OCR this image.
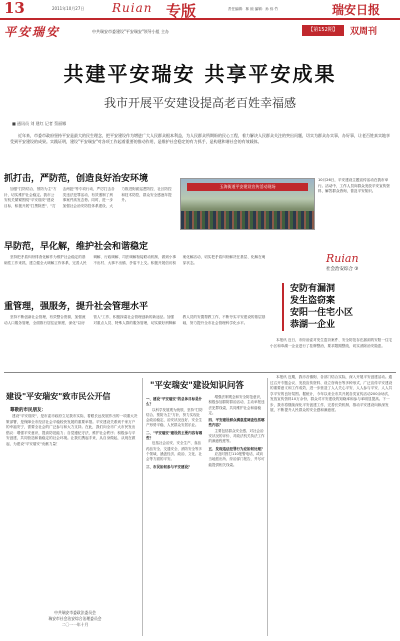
13	2011年10月27日 Ruian 专版	责任编辑：林 琼 编辑：孙 伟 竹	瑞安日报
平安瑞安	中共瑞安市委建设"平安瑞安"领导小组 主办	【第152期】	双周刊
共建平安瑞安 共享平安成果
我市开展平安建设提高老百姓幸福感
■ 通讯员 刘 建红 记者 蔡丽娜
近年来，市委市政府坚持平安是最大的民生理念，把平安建设作为增进广大人民群众根本利益，为人民群众所期盼的民心工程，着力解决人民群众关注的突出问题，切实为群众办实事，办好事，让老百姓真实地享受到平安建设的成果。实践证明，建设"平安瑞安"对各项工作起着重要的推动作用，是维护社会稳定的有力抓手，是构建和谐社会的有效载体。
抓打击，严防范，创造良好治安环境
加强"打防结合，预防为主"方针，切实维护社会稳定。我市公安机关紧紧围绕"平安瑞安"建设目标，积极开展"打黑除恶"、"打击两抢"等专项行动，严厉打击各类违法犯罪活动，有效遏制了刑事案件高发态势。同时，进一步加强社会治安防控体系建设，大力推进街面巡逻防控、社区防控和技术防控，群众安全感逐年提升。
早防范，早化解，维护社会和谐稳定
坚持把矛盾纠纷排查化解作为维护社会稳定的基础性工作来抓，建立健全大调解工作体系，完善人民调解、行政调解、司法调解衔接联动机制，做到小事不出村、大事不出镇、矛盾不上交。积极开展信访积案化解活动，切实把矛盾纠纷解决在基层、化解在萌芽状态。
重管理，强服务，提升社会管理水平
坚持不断创新社会管理，有效整合资源，加强流动人口服务管理，全面推行居住证制度，深化"以房管人"工作，积极探索社会管理创新的新途径。加强对重点人员、特殊人群的服务管理，切实做好刑释解教人员的安置帮教工作，不断夯实平安建设的基层基础，努力提升全市社会管理科学化水平。
玉海街道平安建设宣传活动现场
10月26日，平安建设主题宣传活动在我市举行。活动中，工作人员向群众发放平安宣传资料，解答群众咨询，普及平安知识。
Ruian
社会治安综合 ③
安防有漏洞
发生盗窃案
安阳一住宅小区
恭湖一企业
本报讯 近日，市综治委对发生盗窃案件、安全防范存在漏洞的安阳一住宅小区和恭湖一企业进行了挂牌整治，要求限期整改，切实消除治安隐患。
建设"平安瑞安"致市民公开信
尊敬的市民朋友：
建设"平安瑞安"，是市委市政府立足我市实际，着眼长远发展作出的一项重大决策部署，是保障全市经济社会平稳较快发展的重要举措。平安建设关系到千家万户的幸福安宁，需要全社会的广泛参与和大力支持。在此，我们向全市广大市民发出倡议：增强平安意识，提高防范能力；自觉遵纪守法，维护社会秩序；积极参与平安创建，共同营造和谐稳定的社会环境。让我们携起手来，从自身做起，从现在做起，为建设"平安瑞安"贡献力量！
中共瑞安市委政法委员会
瑞安市社会治安综合治理委员会
二〇一一年十月
"平安瑞安"建设知识问答
一、建设"平安瑞安"的总体目标是什么？
以科学发展观为统领，坚持"打防结合、预防为主"方针，努力实现社会政治稳定、治安状况良好、安全生产形势平稳、人民群众安居乐业。
二、"平安瑞安"建设的主要内容有哪些？
包括社会治安、安全生产、食品药品安全、交通安全、消防安全等多个领域，涵盖经济、政治、文化、社会等方面的平安。
三、市民如何参与平安建设？
增强法制观念和安全防范意识，积极参加群防群治活动，主动举报违法犯罪线索，共同维护社会和谐稳定。
四、平安建设群众满意度调查包括哪些内容？
主要包括群众安全感、对社会治安状况的评价、对政法机关执法工作的满意程度等。
五、发现违法犯罪行为应如何处理？
应及时拨打110报警电话，或向当地派出所、综治部门报告，并尽可能提供相关线索。
本报讯 近期，我市各镇街、各部门结合实际，深入开展平安创建活动。通过召开专题会议、发放宣传资料、设立咨询台等多种形式，广泛宣传平安建设的重要意义和工作成效，进一步营造了人人关心平安、人人参与平安、人人共享平安的良好氛围。据统计，今年以来全市共开展各类宣传活动200余场次，发放宣传资料10万余份，群众对平安建设的知晓率和参与率明显提高。下一步，我市将继续深化平安创建工作，完善长效机制，推动平安建设向纵深发展，不断提升人民群众的安全感和满意度。
